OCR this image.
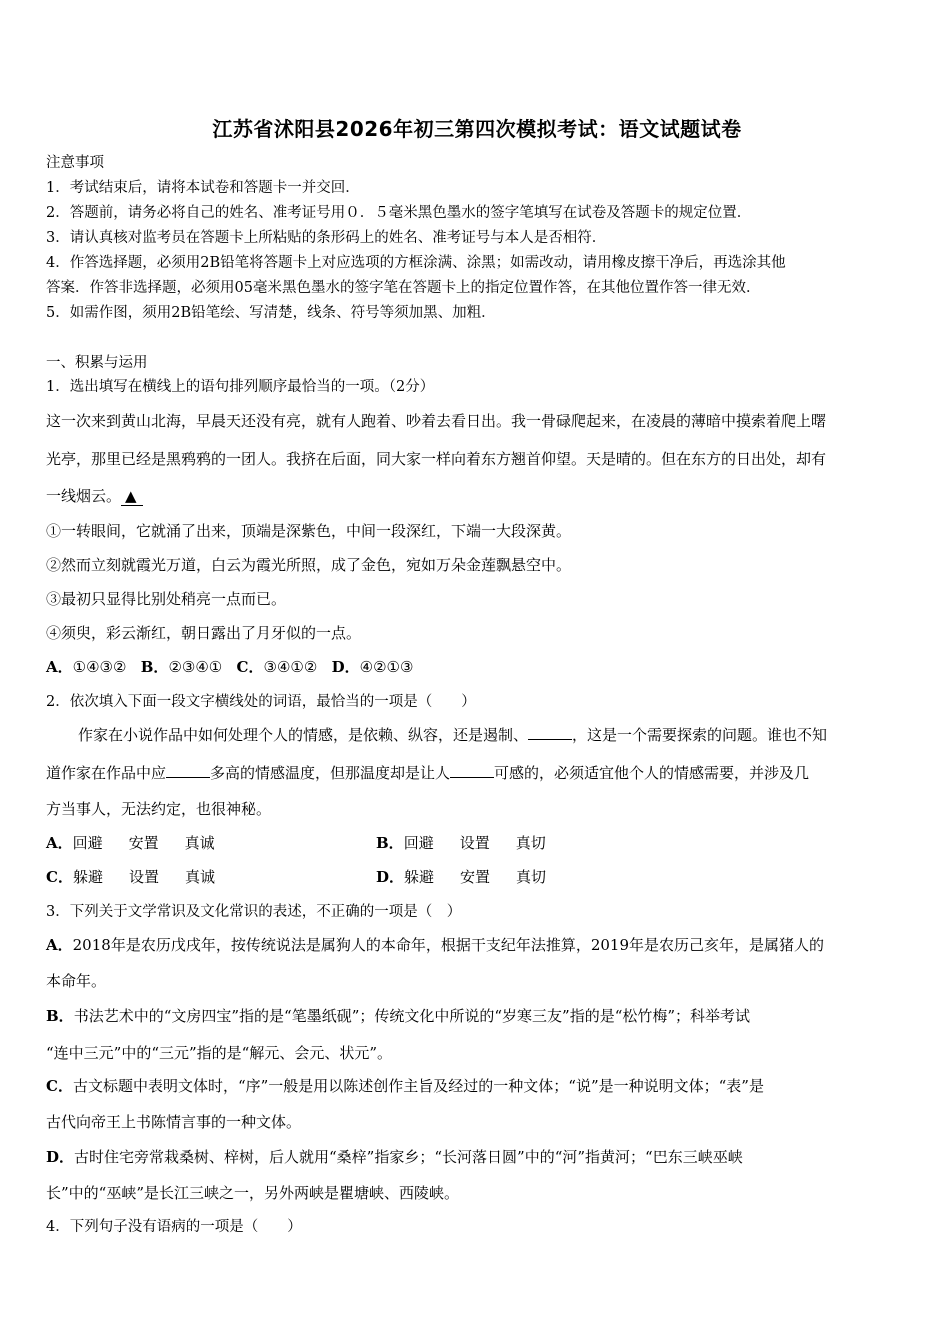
江苏省沭阳县2026年初三第四次模拟考试：语文试题试卷
注意事项
1．考试结束后，请将本试卷和答题卡一并交回．
2．答题前，请务必将自己的姓名、准考证号用０．５毫米黑色墨水的签字笔填写在试卷及答题卡的规定位置．
3．请认真核对监考员在答题卡上所粘贴的条形码上的姓名、准考证号与本人是否相符．
4．作答选择题，必须用2B铅笔将答题卡上对应选项的方框涂满、涂黑；如需改动，请用橡皮擦干净后，再选涂其他
答案．作答非选择题，必须用05毫米黑色墨水的签字笔在答题卡上的指定位置作答，在其他位置作答一律无效．
5．如需作图，须用2B铅笔绘、写清楚，线条、符号等须加黑、加粗．
一、积累与运用
1．选出填写在横线上的语句排列顺序最恰当的一项。（2分）
这一次来到黄山北海，早晨天还没有亮，就有人跑着、吵着去看日出。我一骨碌爬起来，在凌晨的薄暗中摸索着爬上曙
光亭，那里已经是黑鸦鸦的一团人。我挤在后面，同大家一样向着东方翘首仰望。天是晴的。但在东方的日出处，却有
一线烟云。 ▲
①一转眼间，它就涌了出来，顶端是深紫色，中间一段深红，下端一大段深黄。
②然而立刻就霞光万道，白云为霞光所照，成了金色，宛如万朵金莲飘悬空中。
③最初只显得比别处稍亮一点而已。
④须臾，彩云渐红，朝日露出了月牙似的一点。
A．①④③② B．②③④① C．③④①② D．④②①③
2．依次填入下面一段文字横线处的词语，最恰当的一项是（　　）
作家在小说作品中如何处理个人的情感，是依赖、纵容，还是遏制、	，这是一个需要探索的问题。谁也不知
道作家在作品中应	多高的情感温度，但那温度却是让人	可感的，必须适宜他个人的情感需要，并涉及几
方当事人，无法约定，也很神秘。
A．回避 安置 真诚	B．回避 设置 真切
C．躲避 设置 真诚	D．躲避 安置 真切
3．下列关于文学常识及文化常识的表述，不正确的一项是（　）
A．2018年是农历戊戌年，按传统说法是属狗人的本命年，根据干支纪年法推算，2019年是农历己亥年，是属猪人的
本命年。
B．书法艺术中的“文房四宝”指的是“笔墨纸砚”；传统文化中所说的“岁寒三友”指的是“松竹梅”；科举考试
“连中三元”中的“三元”指的是“解元、会元、状元”。
C．古文标题中表明文体时，“序”一般是用以陈述创作主旨及经过的一种文体；“说”是一种说明文体；“表”是
古代向帝王上书陈情言事的一种文体。
D．古时住宅旁常栽桑树、梓树，后人就用“桑梓”指家乡；“长河落日圆”中的“河”指黄河；“巴东三峡巫峡
长”中的“巫峡”是长江三峡之一，另外两峡是瞿塘峡、西陵峡。
4．下列句子没有语病的一项是（　　）
